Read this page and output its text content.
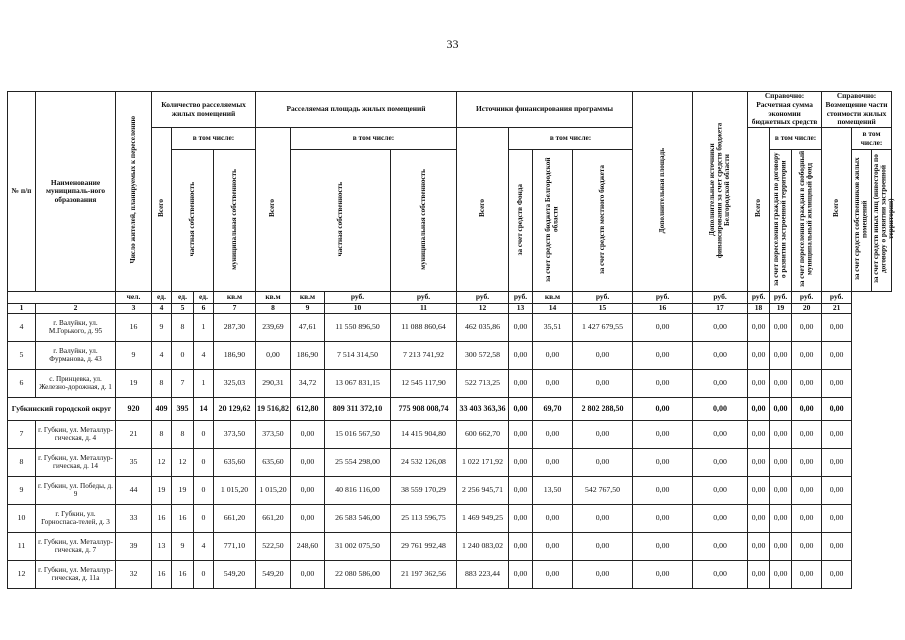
33
№ п/п	Наименование муниципаль-ного образования	Число жителей, планируемых к переселению	Количество расселяемых жилых помещений				Расселяемая площадь жилых помещений				Источники финансирования программы				Дополнительная площадь	Дополнительные источники финансирования за счет средств бюджета Белгородской области	Справочно: Расчетная сумма экономии бюджетных средств			Справочно: Возмещение части стоимости жилых помещений		
			Всего	в том числе:			Всего	в том числе:			Всего	в том числе:					Всего	в том числе:		Всего	в том числе:	
				частная собственность		муниципальная собственность		частная собственность		муниципальная собственность		за счет средств Фонда	за счет средств бюджета Белгородской области	за счет средств местного бюджета				за счет переселения граждан по договору о развитии застроенной территории	за счет переселения граждан в свободный муниципальный жилищный фонд		за счет средств собственников жилых помещений	за счет средств иных лиц (инвестора по договору о развитии застроенной территории)
		чел.	ед.	ед.	ед.	кв.м	кв.м	кв.м	руб.	руб.	руб.	руб.	кв.м	руб.	руб.	руб.	руб.	руб.	руб.	руб.		
1	2	3	4	5	6	7	8	9	10	11	12	13	14	15	16	17	18	19	20	21		
4	г. Валуйки, ул. М.Горького, д. 95	16	9	8	1	287,30	239,69	47,61	11 550 896,50	11 088 860,64	462 035,86	0,00	35,51	1 427 679,55	0,00	0,00	0,00	0,00	0,00	0,00		
5	г. Валуйки, ул. Фурманова, д. 43	9	4	0	4	186,90	0,00	186,90	7 514 314,50	7 213 741,92	300 572,58	0,00	0,00	0,00	0,00	0,00	0,00	0,00	0,00	0,00		
6	с. Принцевка, ул. Железно-дорожная, д. 1	19	8	7	1	325,03	290,31	34,72	13 067 831,15	12 545 117,90	522 713,25	0,00	0,00	0,00	0,00	0,00	0,00	0,00	0,00	0,00		
Губкинский городской округ		920	409	395	14	20 129,62	19 516,82	612,80	809 311 372,10	775 908 008,74	33 403 363,36	0,00	69,70	2 802 288,50	0,00	0,00	0,00	0,00	0,00	0,00		
7	г. Губкин, ул. Металлур-гическая, д. 4	21	8	8	0	373,50	373,50	0,00	15 016 567,50	14 415 904,80	600 662,70	0,00	0,00	0,00	0,00	0,00	0,00	0,00	0,00	0,00		
8	г. Губкин, ул. Металлур-гическая, д. 14	35	12	12	0	635,60	635,60	0,00	25 554 298,00	24 532 126,08	1 022 171,92	0,00	0,00	0,00	0,00	0,00	0,00	0,00	0,00	0,00		
9	г. Губкин, ул. Победы, д. 9	44	19	19	0	1 015,20	1 015,20	0,00	40 816 116,00	38 559 170,29	2 256 945,71	0,00	13,50	542 767,50	0,00	0,00	0,00	0,00	0,00	0,00		
10	г. Губкин, ул. Горноспаса-телей, д. 3	33	16	16	0	661,20	661,20	0,00	26 583 546,00	25 113 596,75	1 469 949,25	0,00	0,00	0,00	0,00	0,00	0,00	0,00	0,00	0,00		
11	г. Губкин, ул. Металлур-гическая, д. 7	39	13	9	4	771,10	522,50	248,60	31 002 075,50	29 761 992,48	1 240 083,02	0,00	0,00	0,00	0,00	0,00	0,00	0,00	0,00	0,00		
12	г. Губкин, ул. Металлур-гическая, д. 11а	32	16	16	0	549,20	549,20	0,00	22 080 586,00	21 197 362,56	883 223,44	0,00	0,00	0,00	0,00	0,00	0,00	0,00	0,00	0,00		
